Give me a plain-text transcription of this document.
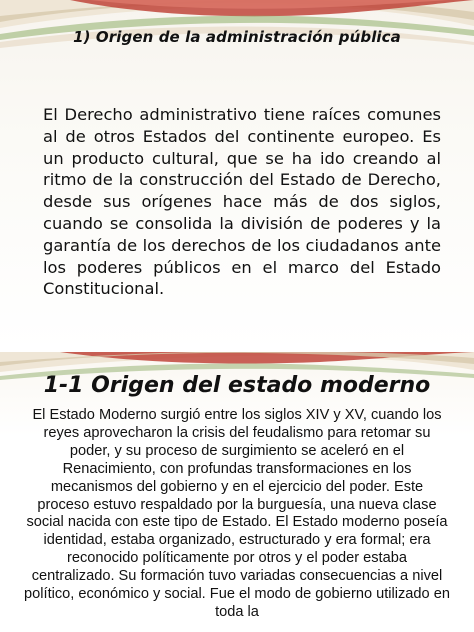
1) Origen de la administración pública
El Derecho administrativo tiene raíces comunes al de otros Estados del continente europeo. Es un producto cultural, que se ha ido creando al ritmo de la construcción del Estado de Derecho, desde sus orígenes hace más de dos siglos, cuando se consolida la división de poderes y la garantía de los derechos de los ciudadanos ante los poderes públicos en el marco del Estado Constitucional.
1-1 Origen del estado moderno
El Estado Moderno surgió entre los siglos XIV y XV, cuando los reyes aprovecharon la crisis del feudalismo para retomar su poder, y su proceso de surgimiento se aceleró en el Renacimiento, con profundas transformaciones en los mecanismos del gobierno y en el ejercicio del poder. Este proceso estuvo respaldado por la burguesía, una nueva clase social nacida con este tipo de Estado. El Estado moderno poseía identidad, estaba organizado, estructurado y era formal; era reconocido políticamente por otros y el poder estaba centralizado. Su formación tuvo variadas consecuencias a nivel político, económico y social. Fue el modo de gobierno utilizado en toda la
